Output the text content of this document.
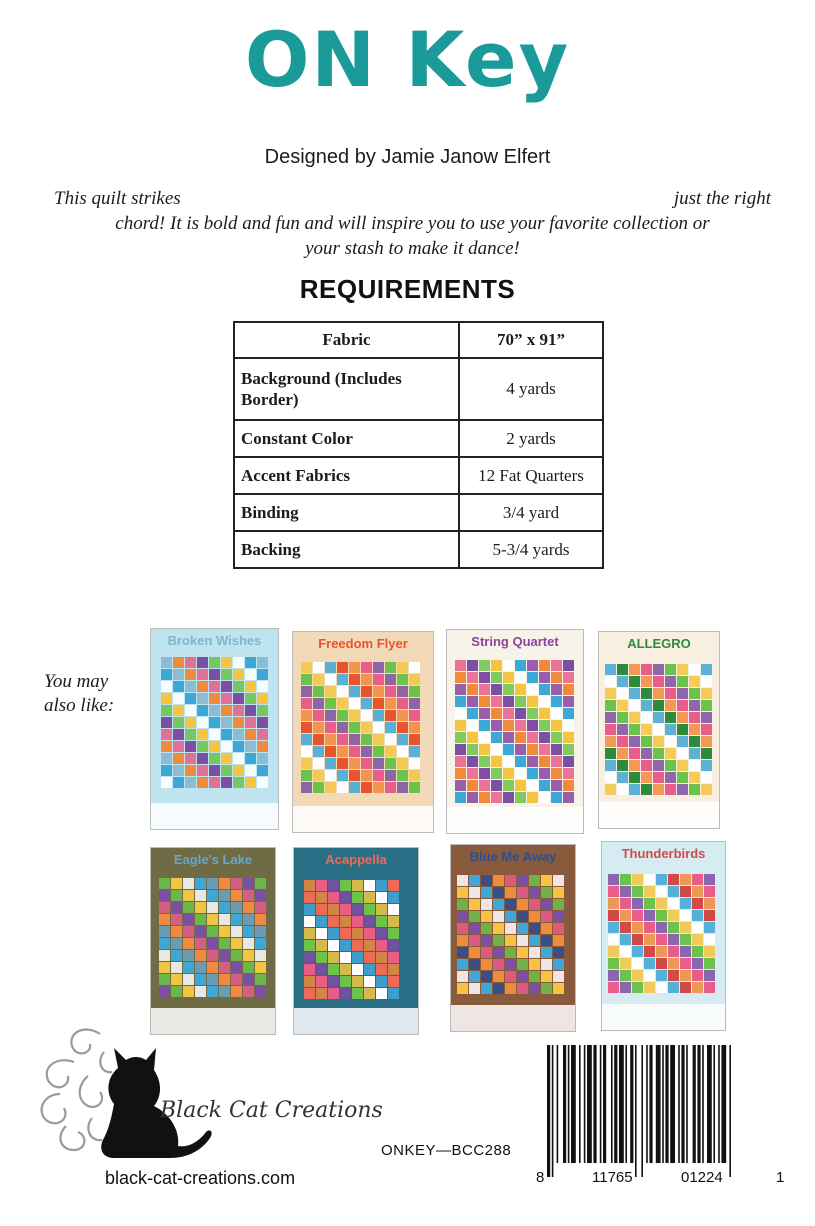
ON Key
Designed by Jamie Janow Elfert
This quilt strikes	just the right
chord! It is bold and fun and will inspire you to use your favorite collection or
your stash to make it dance!
REQUIREMENTS
Fabric	70” x 91”
Background (Includes Border)	4 yards
Constant Color	2 yards
Accent Fabrics	12 Fat Quarters
Binding	3/4 yard
Backing	5-3/4 yards
You may
also like:
Broken Wishes	Freedom Flyer	String Quartet	ALLEGRO
Eagle's Lake	Acappella	Blue Me Away	Thunderbirds
Black Cat Creations
black-cat-creations.com
ONKEY—BCC288
8	11765	01224	1
